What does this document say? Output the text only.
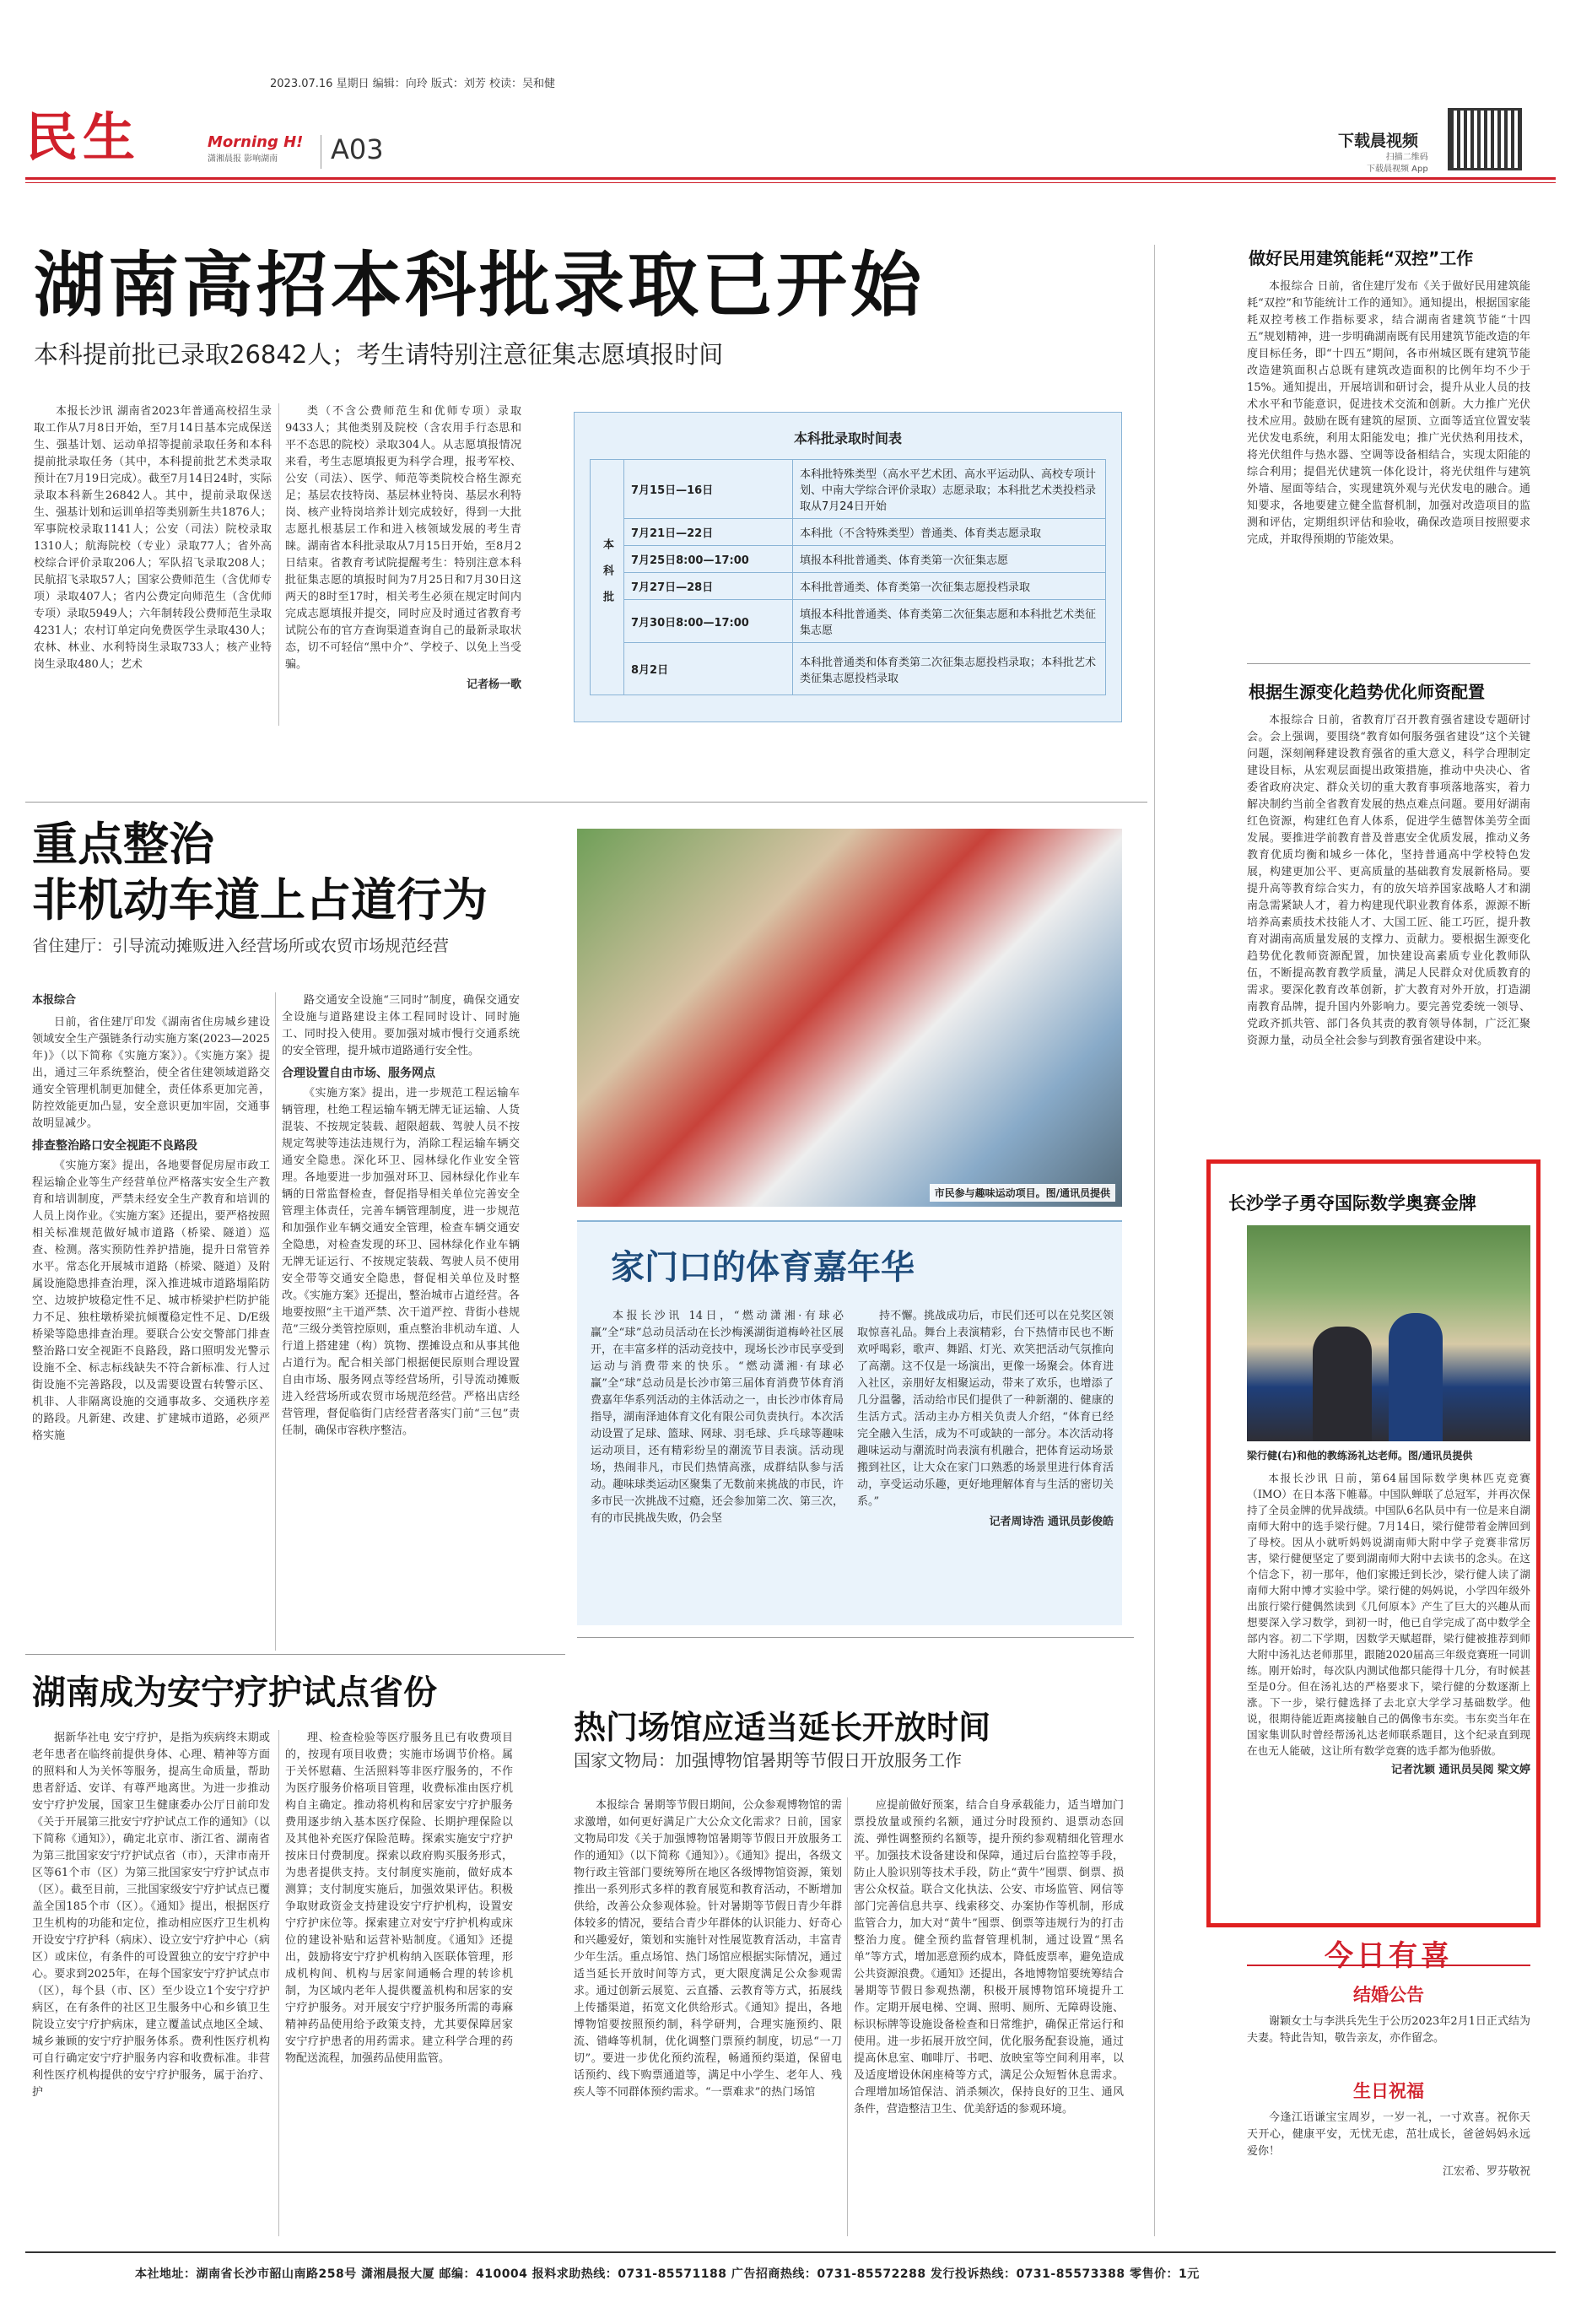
2023.07.16 星期日 编辑：向玲 版式：刘芳 校读：吴和健
民生	Morning H!
潇湘晨报 影响湖南	A03	下载晨视频
扫描二维码
下载晨视频 App
湖南高招本科批录取已开始
本科提前批已录取26842人；考生请特别注意征集志愿填报时间

本报长沙讯 湖南省2023年普通高校招生录取工作从7月8日开始，至7月14日基本完成保送生、强基计划、运动单招等提前录取任务和本科提前批录取任务（其中，本科提前批艺术类录取预计在7月19日完成）。截至7月14日24时，实际录取本科新生26842人。其中，提前录取保送生、强基计划和运训单招等类别新生共1876人；军事院校录取1141人；公安（司法）院校录取1310人；航海院校（专业）录取77人；省外高校综合评价录取206人；军队招飞录取208人；民航招飞录取57人；国家公费师范生（含优师专项）录取407人；省内公费定向师范生（含优师专项）录取5949人；六年制转段公费师范生录取4231人；农村订单定向免费医学生录取430人；农林、林业、水利特岗生录取733人；核产业特岗生录取480人；艺术

类（不含公费师范生和优师专项）录取9433人；其他类别及院校（含农用手行态思和平不态思的院校）录取304人。从志愿填报情况来看，考生志愿填报更为科学合理，报考军校、公安（司法）、医学、师范等类院校合格生源充足；基层农技特岗、基层林业特岗、基层水利特岗、核产业特岗培养计划完成较好，得到一大批志愿扎根基层工作和进入核领域发展的考生青睐。湖南省本科批录取从7月15日开始，至8月2日结束。省教育考试院提醒考生：特别注意本科批征集志愿的填报时间为7月25日和7月30日这两天的8时至17时，相关考生必须在规定时间内完成志愿填报并提交，同时应及时通过省教育考试院公布的官方查询渠道查询自己的最新录取状态，切不可轻信“黑中介”、学校子、以免上当受骗。

记者杨一歌
本科批录取时间表
本科批	7月15日—16日	本科批特殊类型（高水平艺术团、高水平运动队、高校专项计划、中南大学综合评价录取）志愿录取；本科批艺术类投档录取从7月24日开始
	7月21日—22日	本科批（不含特殊类型）普通类、体育类志愿录取
	7月25日8:00—17:00	填报本科批普通类、体育类第一次征集志愿
	7月27日—28日	本科批普通类、体育类第一次征集志愿投档录取
	7月30日8:00—17:00	填报本科批普通类、体育类第二次征集志愿和本科批艺术类征集志愿
	8月2日	本科批普通类和体育类第二次征集志愿投档录取；本科批艺术类征集志愿投档录取
重点整治
非机动车道上占道行为
省住建厅：引导流动摊贩进入经营场所或农贸市场规范经营
本报综合

日前，省住建厅印发《湖南省住房城乡建设领域安全生产强链条行动实施方案(2023—2025年)》（以下简称《实施方案》）。《实施方案》提出，通过三年系统整治，使全省住建领域道路交通安全管理机制更加健全，责任体系更加完善，防控效能更加凸显，安全意识更加牢固，交通事故明显减少。

排查整治路口安全视距不良路段

《实施方案》提出，各地要督促房屋市政工程运输企业等生产经营单位严格落实安全生产教育和培训制度，严禁未经安全生产教育和培训的人员上岗作业。《实施方案》还提出，要严格按照相关标准规范做好城市道路（桥梁、隧道）巡查、检测。落实预防性养护措施，提升日常管养水平。常态化开展城市道路（桥梁、隧道）及附属设施隐患排查治理，深入推进城市道路塌陷防空、边坡护坡稳定性不足、城市桥梁护栏防护能力不足、独柱墩桥梁抗倾覆稳定性不足、D/E级桥梁等隐患排查治理。要联合公安交警部门排查整治路口安全视距不良路段，路口照明发光警示设施不全、标志标线缺失不符合新标准、行人过街设施不完善路段，以及需要设置右转警示区、机非、人非隔离设施的交通事故多、交通秩序差的路段。凡新建、改建、扩建城市道路，必须严格实施

路交通安全设施“三同时”制度，确保交通安全设施与道路建设主体工程同时设计、同时施工、同时投入使用。要加强对城市慢行交通系统的安全管理，提升城市道路通行安全性。

合理设置自由市场、服务网点

《实施方案》提出，进一步规范工程运输车辆管理，杜绝工程运输车辆无牌无证运输、人货混装、不按规定装载、超限超载、驾驶人员不按规定驾驶等违法违规行为，消除工程运输车辆交通安全隐患。深化环卫、园林绿化作业安全管理。各地要进一步加强对环卫、园林绿化作业车辆的日常监督检查，督促指导相关单位完善安全管理主体责任，完善车辆管理制度，进一步规范和加强作业车辆交通安全管理，检查车辆交通安全隐患，对检查发现的环卫、园林绿化作业车辆无牌无证运行、不按规定装载、驾驶人员不使用安全带等交通安全隐患，督促相关单位及时整改。《实施方案》还提出，整治城市占道经营。各地要按照“主干道严禁、次干道严控、背街小巷规范”三级分类管控原则，重点整治非机动车道、人行道上搭建建（构）筑物、摆摊设点和从事其他占道行为。配合相关部门根据便民原则合理设置自由市场、服务网点等经营场所，引导流动摊贩进入经营场所或农贸市场规范经营。严格出店经营管理，督促临街门店经营者落实门前“三包”责任制，确保市容秩序整洁。

市民参与趣味运动项目。图/通讯员提供
家门口的体育嘉年华

本报长沙讯 14日，“燃动潇湘·有球必赢”全“球”总动员活动在长沙梅溪湖街道梅岭社区展开，在丰富多样的活动竞技中，现场长沙市民享受到运动与消费带来的快乐。“燃动潇湘·有球必赢”全“球”总动员是长沙市第三届体育消费节体育消费嘉年华系列活动的主体活动之一，由长沙市体育局指导，湖南泽迪体育文化有限公司负责执行。本次活动设置了足球、篮球、网球、羽毛球、乒乓球等趣味运动项目，还有精彩纷呈的潮流节目表演。活动现场，热闹非凡，市民们热情高涨，成群结队参与活动。趣味球类运动区聚集了无数前来挑战的市民，许多市民一次挑战不过瘾，还会参加第二次、第三次，有的市民挑战失败，仍会坚

持不懈。挑战成功后，市民们还可以在兑奖区领取惊喜礼品。舞台上表演精彩，台下热情市民也不断欢呼喝彩，歌声、舞蹈、灯光、欢笑把活动气氛推向了高潮。这不仅是一场演出，更像一场聚会。体育进入社区，亲朋好友相聚运动，带来了欢乐，也增添了几分温馨，活动给市民们提供了一种新潮的、健康的生活方式。活动主办方相关负责人介绍，“体育已经完全融入生活，成为不可或缺的一部分。本次活动将趣味运动与潮流时尚表演有机融合，把体育运动场景搬到社区，让大众在家门口熟悉的场景里进行体育活动，享受运动乐趣，更好地理解体育与生活的密切关系。”

记者周诗浩 通讯员彭俊皓
湖南成为安宁疗护试点省份

据新华社电 安宁疗护，是指为疾病终末期或老年患者在临终前提供身体、心理、精神等方面的照料和人为关怀等服务，提高生命质量，帮助患者舒适、安详、有尊严地离世。为进一步推动安宁疗护发展，国家卫生健康委办公厅日前印发《关于开展第三批安宁疗护试点工作的通知》（以下简称《通知》），确定北京市、浙江省、湖南省为第三批国家安宁疗护试点省（市），天津市南开区等61个市（区）为第三批国家安宁疗护试点市（区）。截至目前，三批国家级安宁疗护试点已覆盖全国185个市（区）。《通知》提出，根据医疗卫生机构的功能和定位，推动相应医疗卫生机构开设安宁疗护科（病床）、设立安宁疗护中心（病区）或床位，有条件的可设置独立的安宁疗护中心。要求到2025年，在每个国家安宁疗护试点市（区），每个县（市、区）至少设立1个安宁疗护病区，在有条件的社区卫生服务中心和乡镇卫生院设立安宁疗护病床，建立覆盖试点地区全域、城乡兼顾的安宁疗护服务体系。费利性医疗机构可自行确定安宁疗护服务内容和收费标准。非营利性医疗机构提供的安宁疗护服务，属于治疗、护

理、检查检验等医疗服务且已有收费项目的，按现有项目收费；实施市场调节价格。属于关怀慰藉、生活照料等非医疗服务的，不作为医疗服务价格项目管理，收费标准由医疗机构自主确定。推动将机构和居家安宁疗护服务费用逐步纳入基本医疗保险、长期护理保险以及其他补充医疗保险范畴。探索实施安宁疗护按床日付费制度。探索以政府购买服务形式，为患者提供支持。支付制度实施前，做好成本测算；支付制度实施后，加强效果评估。积极争取财政资金支持建设安宁疗护机构，设置安宁疗护床位等。探索建立对安宁疗护机构或床位的建设补贴和运营补贴制度。《通知》还提出，鼓励将安宁疗护机构纳入医联体管理，形成机构间、机构与居家间通畅合理的转诊机制，为区域内老年人提供覆盖机构和居家的安宁疗护服务。对开展安宁疗护服务所需的毒麻精神药品使用给予政策支持，尤其要保障居家安宁疗护患者的用药需求。建立科学合理的药物配送流程，加强药品使用监管。

热门场馆应适当延长开放时间
国家文物局：加强博物馆暑期等节假日开放服务工作

本报综合 暑期等节假日期间，公众参观博物馆的需求激增，如何更好满足广大公众文化需求？日前，国家文物局印发《关于加强博物馆暑期等节假日开放服务工作的通知》（以下简称《通知》）。《通知》提出，各级文物行政主管部门要统筹所在地区各级博物馆资源，策划推出一系列形式多样的教育展览和教育活动，不断增加供给，改善公众参观体验。针对暑期等节假日青少年群体较多的情况，要结合青少年群体的认识能力、好奇心和兴趣爱好，策划和实施针对性展览教育活动，丰富青少年生活。重点场馆、热门场馆应根据实际情况，通过适当延长开放时间等方式，更大限度满足公众参观需求。通过创新云展览、云直播、云教育等方式，拓展线上传播渠道，拓宽文化供给形式。《通知》提出，各地博物馆要按照预约制，科学研判，合理实施预约、限流、错峰等机制，优化调整门票预约制度，切忌“一刀切”。要进一步优化预约流程，畅通预约渠道，保留电话预约、线下购票通道等，满足中小学生、老年人、残疾人等不同群体预约需求。“一票难求”的热门场馆

应提前做好预案，结合自身承载能力，适当增加门票投放量或预约名额，通过分时段预约、退票动态回流、弹性调整预约名额等，提升预约参观精细化管理水平。加强技术设备建设和保障，通过后台监控等手段，防止人脸识别等技术手段，防止“黄牛”囤票、倒票、损害公众权益。联合文化执法、公安、市场监管、网信等部门完善信息共享、线索移交、办案协作等机制，形成监管合力，加大对“黄牛”囤票、倒票等违规行为的打击整治力度。健全预约监督管理机制，通过设置“黑名单”等方式，增加恶意预约成本，降低废票率，避免造成公共资源浪费。《通知》还提出，各地博物馆要统筹结合暑期等节假日参观热潮，积极开展博物馆环境提升工作。定期开展电梯、空调、照明、厕所、无障碍设施、标识标牌等设施设备检查和日常维护，确保正常运行和使用。进一步拓展开放空间，优化服务配套设施，通过提高休息室、咖啡厅、书吧、放映室等空间利用率，以及适度增设休闲座椅等方式，满足公众短暂休息需求。合理增加场馆保洁、消杀频次，保持良好的卫生、通风条件，营造整洁卫生、优美舒适的参观环境。

做好民用建筑能耗“双控”工作

本报综合 日前，省住建厅发布《关于做好民用建筑能耗“双控”和节能统计工作的通知》。通知提出，根据国家能耗双控考核工作指标要求，结合湖南省建筑节能“十四五”规划精神，进一步明确湖南既有民用建筑节能改造的年度目标任务，即“十四五”期间，各市州城区既有建筑节能改造建筑面积占总既有建筑改造面积的比例年均不少于15%。通知提出，开展培训和研讨会，提升从业人员的技术水平和节能意识，促进技术交流和创新。大力推广光伏技术应用。鼓励在既有建筑的屋顶、立面等适宜位置安装光伏发电系统，利用太阳能发电；推广光伏热利用技术，将光伏组件与热水器、空调等设备相结合，实现太阳能的综合利用；提倡光伏建筑一体化设计，将光伏组件与建筑外墙、屋面等结合，实现建筑外观与光伏发电的融合。通知要求，各地要建立健全监督机制，加强对改造项目的监测和评估，定期组织评估和验收，确保改造项目按照要求完成，并取得预期的节能效果。

根据生源变化趋势优化师资配置

本报综合 日前，省教育厅召开教育强省建设专题研讨会。会上强调，要围绕“教育如何服务强省建设”这个关键问题，深刻阐释建设教育强省的重大意义，科学合理制定建设目标，从宏观层面提出政策措施，推动中央决心、省委省政府决定、群众关切的重大教育事项落地落实，着力解决制约当前全省教育发展的热点难点问题。要用好湖南红色资源，构建红色育人体系，促进学生德智体美劳全面发展。要推进学前教育普及普惠安全优质发展，推动义务教育优质均衡和城乡一体化，坚持普通高中学校特色发展，构建更加公平、更高质量的基础教育发展新格局。要提升高等教育综合实力，有的放矢培养国家战略人才和湖南急需紧缺人才，着力构建现代职业教育体系，源源不断培养高素质技术技能人才、大国工匠、能工巧匠，提升教育对湖南高质量发展的支撑力、贡献力。要根据生源变化趋势优化教师资源配置，加快建设高素质专业化教师队伍，不断提高教育教学质量，满足人民群众对优质教育的需求。要深化教育改革创新，扩大教育对外开放，打造湖南教育品牌，提升国内外影响力。要完善党委统一领导、党政齐抓共管、部门各负其责的教育领导体制，广泛汇聚资源力量，动员全社会参与到教育强省建设中来。

长沙学子勇夺国际数学奥赛金牌
梁行健(右)和他的教练汤礼达老师。图/通讯员提供

本报长沙讯 日前，第64届国际数学奥林匹克竞赛（IMO）在日本落下帷幕。中国队蝉联了总冠军，并再次保持了全员金牌的优异战绩。中国队6名队员中有一位是来自湖南师大附中的选手梁行健。7月14日，梁行健带着金牌回到了母校。因从小就听妈妈说湖南师大附中学子竞赛非常厉害，梁行健便坚定了要到湖南师大附中去读书的念头。在这个信念下，初一那年，他们家搬迁到长沙，梁行健人读了湖南师大附中博才实验中学。梁行健的妈妈说，小学四年级外出旅行梁行健偶然读到《几何原本》产生了巨大的兴趣从而想要深入学习数学，到初一时，他已自学完成了高中数学全部内容。初二下学期，因数学天赋超群，梁行健被推荐到师大附中汤礼达老师那里，跟随2020届高三年级竞赛班一同训练。刚开始时，每次队内测试他都只能得十几分，有时候甚至是0分。但在汤礼达的严格要求下，梁行健的分数逐渐上涨。下一步，梁行健选择了去北京大学学习基础数学。他说，很期待能近距离接触自己的偶像韦东奕。韦东奕当年在国家集训队时曾经帮汤礼达老师联系题目，这个纪录直到现在也无人能破，这让所有数学竞赛的选手都为他骄傲。

记者沈颖 通讯员吴阅 梁文婷
今日有喜
结婚公告

谢颖女士与李洪兵先生于公历2023年2月1日正式结为夫妻。特此告知，敬告亲友，亦作留念。

生日祝福

今逢江语谦宝宝周岁，一岁一礼，一寸欢喜。祝你天天开心，健康平安，无忧无虑，茁壮成长，爸爸妈妈永远爱你！

江宏希、罗芬敬祝
本社地址：湖南省长沙市韶山南路258号 潇湘晨报大厦 邮编：410004 报料求助热线：0731-85571188 广告招商热线：0731-85572288 发行投诉热线：0731-85573388 零售价：1元
